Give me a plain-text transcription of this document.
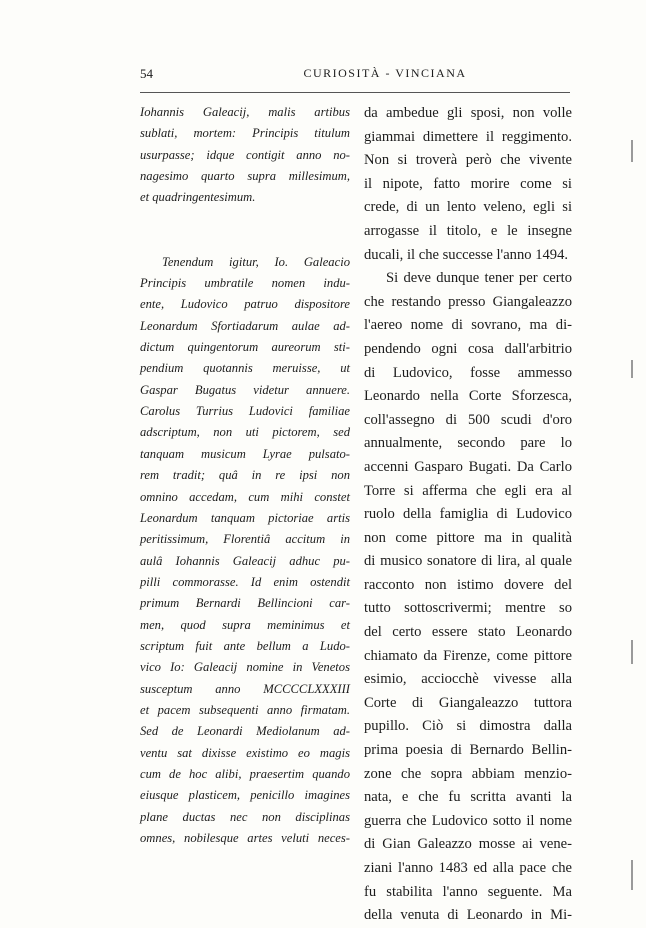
54	CURIOSITÀ - VINCIANA

Iohannis Galeacij, malis artibus
sublati, mortem: Principis titulum
usurpasse; idque contigit anno no-
nagesimo quarto supra millesimum,
et quadringentesimum.

Tenendum igitur, Io. Galeacio
Principis umbratile nomen indu-
ente, Ludovico patruo dispositore
Leonardum Sfortiadarum aulae ad-
dictum quingentorum aureorum sti-
pendium quotannis meruisse, ut
Gaspar Bugatus videtur annuere.
Carolus Turrius Ludovici familiae
adscriptum, non uti pictorem, sed
tanquam musicum Lyrae pulsato-
rem tradit; quâ in re ipsi non
omnino accedam, cum mihi constet
Leonardum tanquam pictoriae artis
peritissimum, Florentiâ accitum in
aulâ Iohannis Galeacij adhuc pu-
pilli commorasse. Id enim ostendit
primum Bernardi Bellincioni car-
men, quod supra meminimus et
scriptum fuit ante bellum a Ludo-
vico Io: Galeacij nomine in Venetos
susceptum anno MCCCCLXXXIII
et pacem subsequenti anno firmatam.
Sed de Leonardi Mediolanum ad-
ventu sat dixisse existimo eo magis
cum de hoc alibi, praesertim quando
eiusque plasticem, penicillo imagines
plane ductas nec non disciplinas
omnes, nobilesque artes veluti neces-

da ambedue gli sposi, non volle
giammai dimettere il reggimento.
Non si troverà però che vivente
il nipote, fatto morire come si
crede, di un lento veleno, egli si
arrogasse il titolo, e le insegne
ducali, il che successe l'anno 1494.

Si deve dunque tener per certo
che restando presso Giangaleazzo
l'aereo nome di sovrano, ma di-
pendendo ogni cosa dall'arbitrio
di Ludovico, fosse ammesso
Leonardo nella Corte Sforzesca,
coll'assegno di 500 scudi d'oro
annualmente, secondo pare lo
accenni Gasparo Bugati. Da Carlo
Torre si afferma che egli era al
ruolo della famiglia di Ludovico
non come pittore ma in qualità
di musico sonatore di lira, al quale
racconto non istimo dovere del
tutto sottoscrivermi; mentre so
del certo essere stato Leonardo
chiamato da Firenze, come pittore
esimio, acciocchè vivesse alla
Corte di Giangaleazzo tuttora
pupillo. Ciò si dimostra dalla
prima poesia di Bernardo Bellin-
zone che sopra abbiam menzio-
nata, e che fu scritta avanti la
guerra che Ludovico sotto il nome
di Gian Galeazzo mosse ai vene-
ziani l'anno 1483 ed alla pace che
fu stabilita l'anno seguente. Ma
della venuta di Leonardo in Mi-
